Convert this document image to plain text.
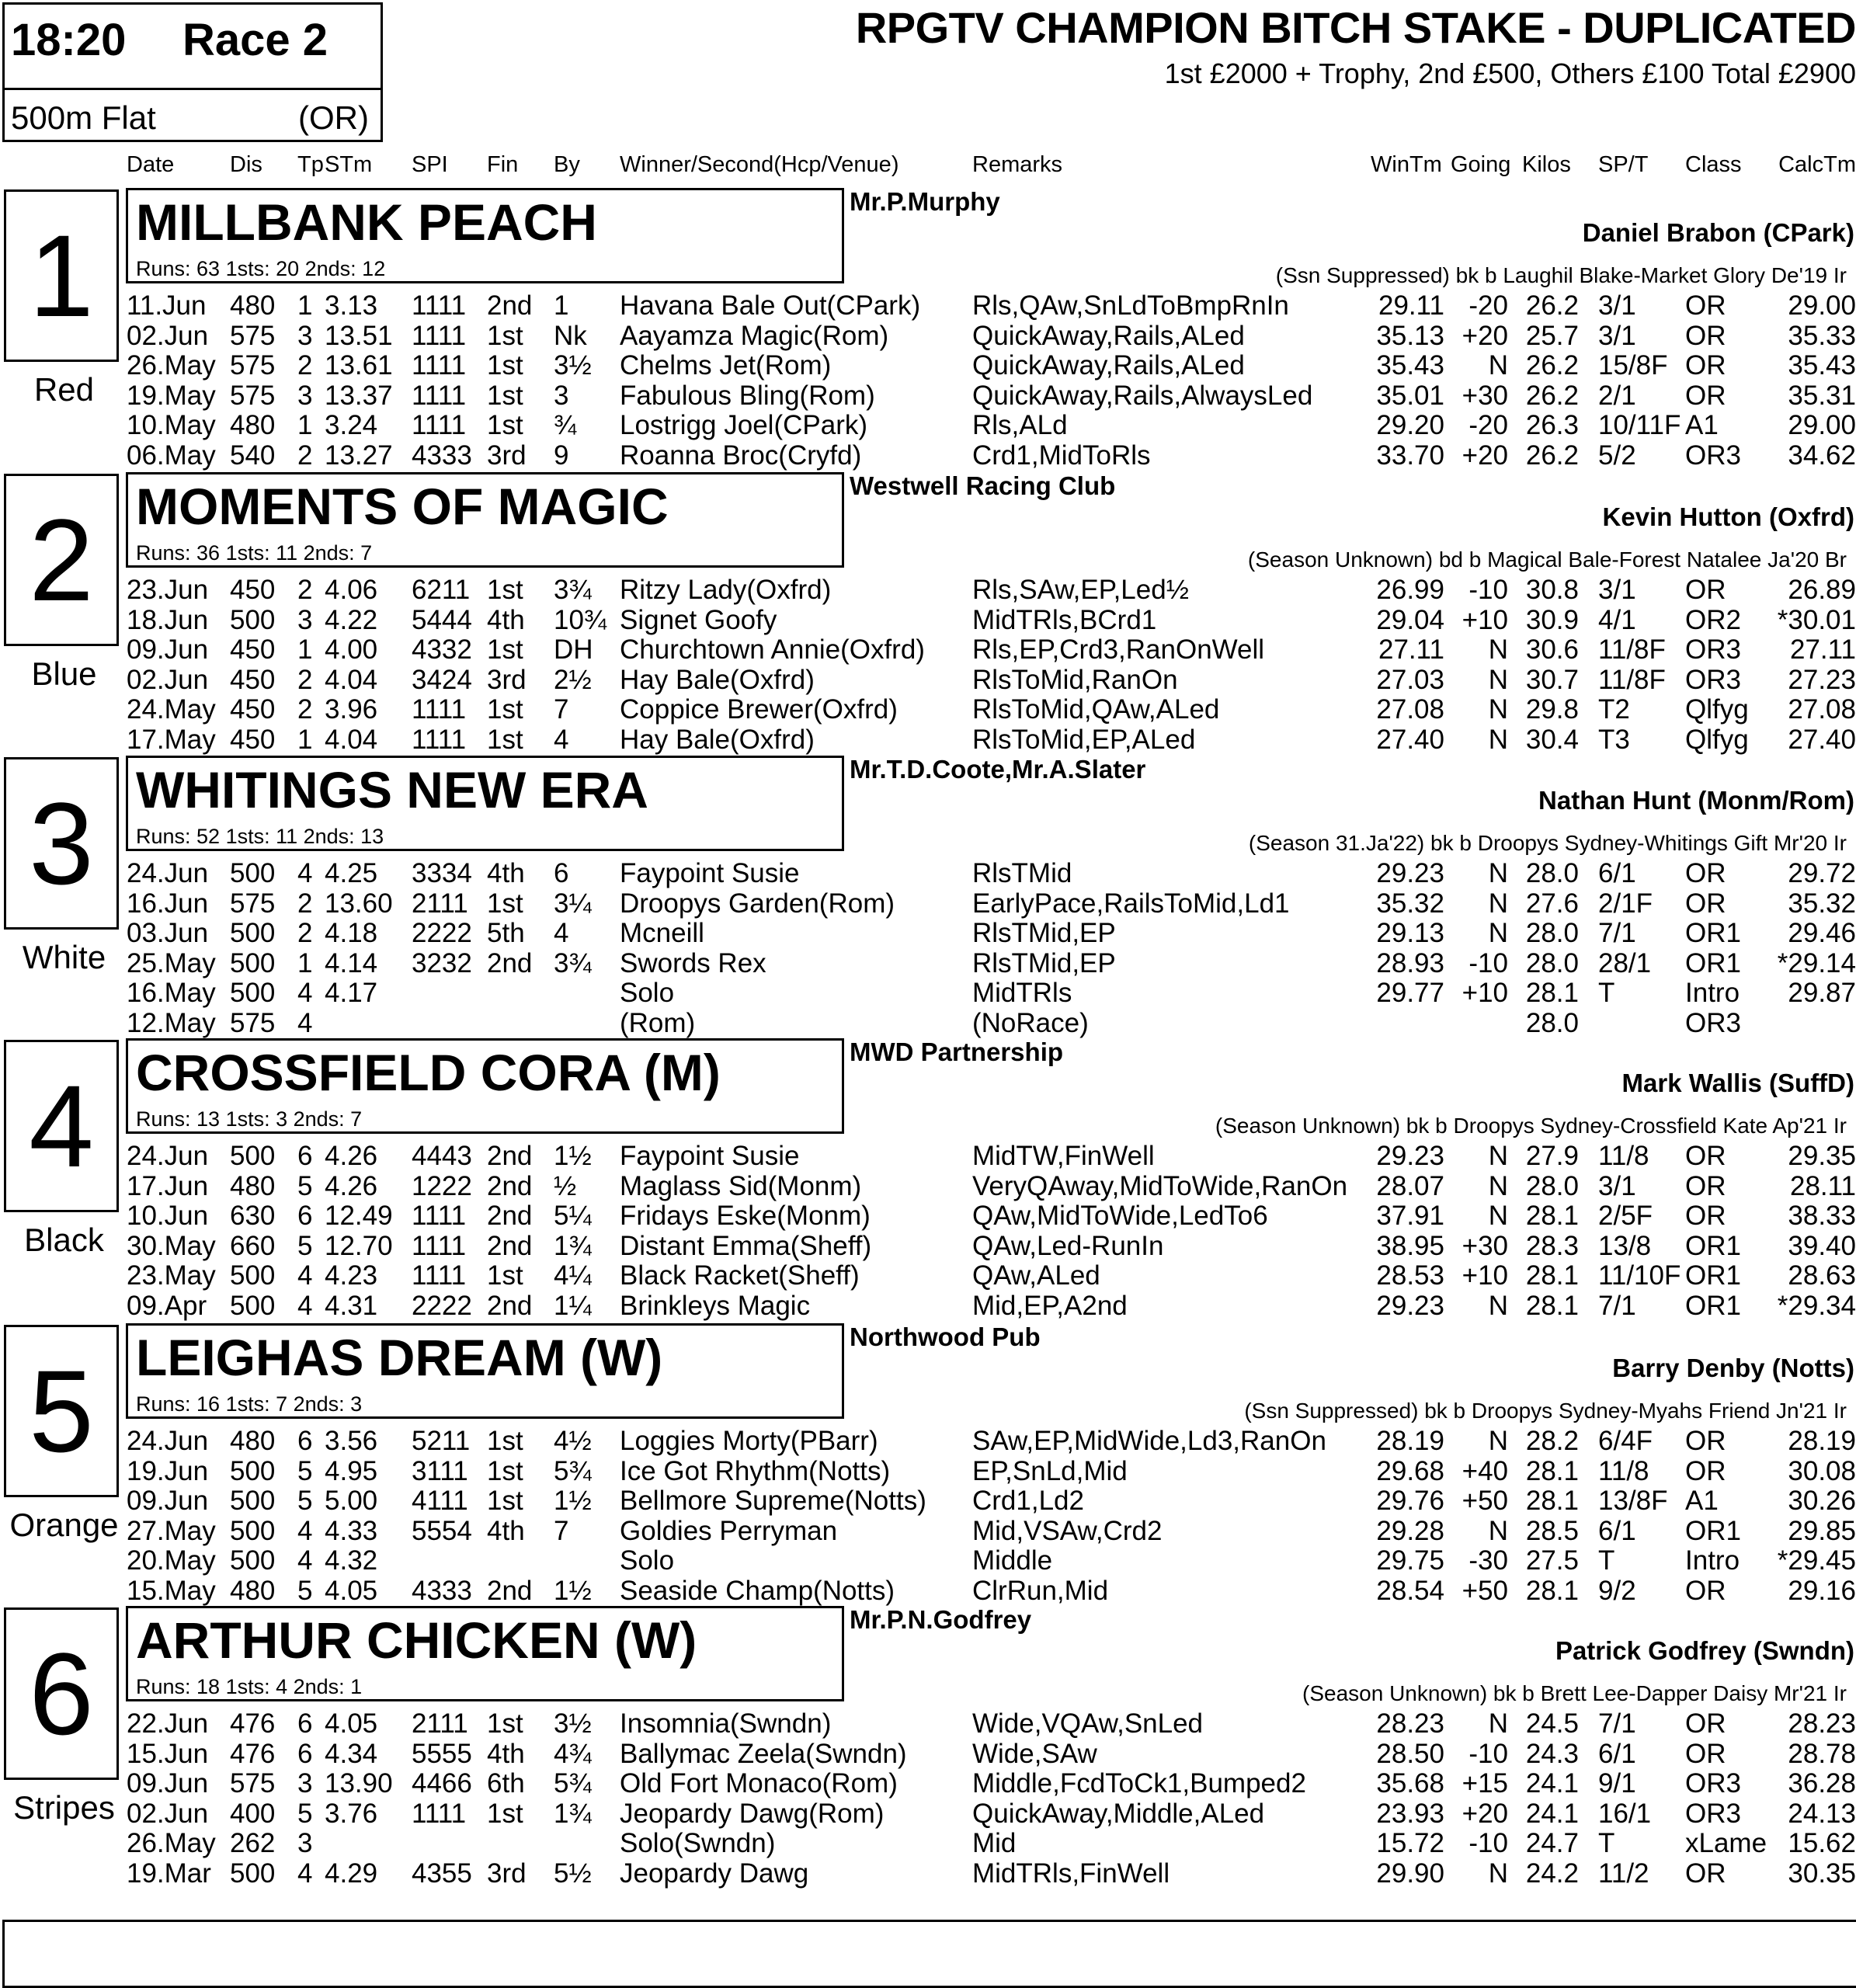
18:20 Race 2
500m Flat	(OR)
RPGTV CHAMPION BITCH STAKE - DUPLICATED
1st £2000 + Trophy, 2nd £500, Others £100 Total £2900
Date Dis Tp STm SPI Fin By Winner/Second(Hcp/Venue)	Remarks	WinTm Going Kilos SP/T Class CalcTm
1
Red
MILLBANK PEACH
Runs: 63 1sts: 20 2nds: 12
Mr.P.Murphy
Daniel Brabon (CPark)
(Ssn Suppressed) bk b Laughil Blake-Market Glory De'19 Ir
11.Jun 480 1 3.13 1111 2nd 1 Havana Bale Out(CPark) Rls,QAw,SnLdToBmpRnIn	29.11 -20 26.2 3/1 OR 29.00
02.Jun 575 3 13.51 1111 1st Nk Aayamza Magic(Rom)	QuickAway,Rails,ALed	35.13 +20 25.7 3/1 OR 35.33
26.May 575 2 13.61 1111 1st 3½ Chelms Jet(Rom)	QuickAway,Rails,ALed	35.43 N 26.2 15/8F OR 35.43
19.May 575 3 13.37 1111 1st 3 Fabulous Bling(Rom)	QuickAway,Rails,AlwaysLed 35.01 +30 26.2 2/1 OR 35.31
10.May 480 1 3.24 1111 1st ¾ Lostrigg Joel(CPark)	Rls,ALd	29.20 -20 26.3 10/11F A1	29.00
06.May 540 2 13.27 4333 3rd 9 Roanna Broc(Cryfd)	Crd1,MidToRls	33.70 +20 26.2 5/2 OR3 34.62
2
Blue
MOMENTS OF MAGIC
Runs: 36 1sts: 11 2nds: 7
Westwell Racing Club
Kevin Hutton (Oxfrd)
(Season Unknown) bd b Magical Bale-Forest Natalee Ja'20 Br
23.Jun 450 2 4.06 6211 1st 3¾ Ritzy Lady(Oxfrd)	Rls,SAw,EP,Led½	26.99 -10 30.8 3/1 OR 26.89
18.Jun 500 3 4.22 5444 4th 10¾ Signet Goofy	MidTRls,BCrd1	29.04 +10 30.9 4/1 OR2 *30.01
09.Jun 450 1 4.00 4332 1st DH Churchtown Annie(Oxfrd) Rls,EP,Crd3,RanOnWell	27.11 N 30.6 11/8F OR3 27.11
02.Jun 450 2 4.04 3424 3rd 2½ Hay Bale(Oxfrd)	RlsToMid,RanOn	27.03 N 30.7 11/8F OR3 27.23
24.May 450 2 3.96 1111 1st 7 Coppice Brewer(Oxfrd)	RlsToMid,QAw,ALed	27.08 N 29.8 T2 Qlfyg 27.08
17.May 450 1 4.04 1111 1st 4 Hay Bale(Oxfrd)	RlsToMid,EP,ALed	27.40 N 30.4 T3 Qlfyg 27.40
3
White
WHITINGS NEW ERA
Runs: 52 1sts: 11 2nds: 13
Mr.T.D.Coote,Mr.A.Slater
Nathan Hunt (Monm/Rom)
(Season 31.Ja'22) bk b Droopys Sydney-Whitings Gift Mr'20 Ir
24.Jun 500 4 4.25 3334 4th 6 Faypoint Susie	RlsTMid	29.23 N 28.0 6/1 OR 29.72
16.Jun 575 2 13.60 2111 1st 3¼ Droopys Garden(Rom)	EarlyPace,RailsToMid,Ld1	35.32 N 27.6 2/1F OR 35.32
03.Jun 500 2 4.18 2222 5th 4 Mcneill	RlsTMid,EP	29.13 N 28.0 7/1 OR1 29.46
25.May 500 1 4.14 3232 2nd 3¾ Swords Rex	RlsTMid,EP	28.93 -10 28.0 28/1 OR1 *29.14
16.May 500 4 4.17	Solo	MidTRls	29.77 +10 28.1 T	Intro 29.87
12.May 575 4	(Rom)	(NoRace)	28.0	OR3
4
Black
CROSSFIELD CORA (M)
Runs: 13 1sts: 3 2nds: 7
MWD Partnership
Mark Wallis (SuffD)
(Season Unknown) bk b Droopys Sydney-Crossfield Kate Ap'21 Ir
24.Jun 500 6 4.26 4443 2nd 1½ Faypoint Susie	MidTW,FinWell	29.23 N 27.9 11/8 OR 29.35
17.Jun 480 5 4.26 1222 2nd ½ Maglass Sid(Monm)	VeryQAway,MidToWide,RanOn 28.07 N 28.0 3/1 OR 28.11
10.Jun 630 6 12.49 1111 2nd 5¼ Fridays Eske(Monm)	QAw,MidToWide,LedTo6	37.91 N 28.1 2/5F OR 38.33
30.May 660 5 12.70 1111 2nd 1¾ Distant Emma(Sheff)	QAw,Led-RunIn	38.95 +30 28.3 13/8 OR1 39.40
23.May 500 4 4.23 1111 1st 4¼ Black Racket(Sheff)	QAw,ALed	28.53 +10 28.1 11/10F OR1 28.63
09.Apr 500 4 4.31 2222 2nd 1¼ Brinkleys Magic	Mid,EP,A2nd	29.23 N 28.1 7/1 OR1 *29.34
5
Orange
LEIGHAS DREAM (W)
Runs: 16 1sts: 7 2nds: 3
Northwood Pub
Barry Denby (Notts)
(Ssn Suppressed) bk b Droopys Sydney-Myahs Friend Jn'21 Ir
24.Jun 480 6 3.56 5211 1st 4½ Loggies Morty(PBarr)	SAw,EP,MidWide,Ld3,RanOn 28.19 N 28.2 6/4F OR 28.19
19.Jun 500 5 4.95 3111 1st 5¾ Ice Got Rhythm(Notts)	EP,SnLd,Mid	29.68 +40 28.1 11/8 OR 30.08
09.Jun 500 5 5.00 4111 1st 1½ Bellmore Supreme(Notts) Crd1,Ld2	29.76 +50 28.1 13/8F A1	30.26
27.May 500 4 4.33 5554 4th 7 Goldies Perryman	Mid,VSAw,Crd2	29.28 N 28.5 6/1 OR1 29.85
20.May 500 4 4.32	Solo	Middle	29.75 -30 27.5 T	Intro *29.45
15.May 480 5 4.05 4333 2nd 1½ Seaside Champ(Notts)	ClrRun,Mid	28.54 +50 28.1 9/2 OR 29.16
6
Stripes
ARTHUR CHICKEN (W)
Runs: 18 1sts: 4 2nds: 1
Mr.P.N.Godfrey
Patrick Godfrey (Swndn)
(Season Unknown) bk b Brett Lee-Dapper Daisy Mr'21 Ir
22.Jun 476 6 4.05 2111 1st 3½ Insomnia(Swndn)	Wide,VQAw,SnLed	28.23 N 24.5 7/1 OR 28.23
15.Jun 476 6 4.34 5555 4th 4¾ Ballymac Zeela(Swndn) Wide,SAw	28.50 -10 24.3 6/1 OR 28.78
09.Jun 575 3 13.90 4466 6th 5¾ Old Fort Monaco(Rom)	Middle,FcdToCk1,Bumped2	35.68 +15 24.1 9/1 OR3 36.28
02.Jun 400 5 3.76 1111 1st 1¾ Jeopardy Dawg(Rom)	QuickAway,Middle,ALed	23.93 +20 24.1 16/1 OR3 24.13
26.May 262 3	Solo(Swndn)	Mid	15.72 -10 24.7 T	xLame 15.62
19.Mar 500 4 4.29 4355 3rd 5½ Jeopardy Dawg	MidTRls,FinWell	29.90 N 24.2 11/2 OR 30.35
